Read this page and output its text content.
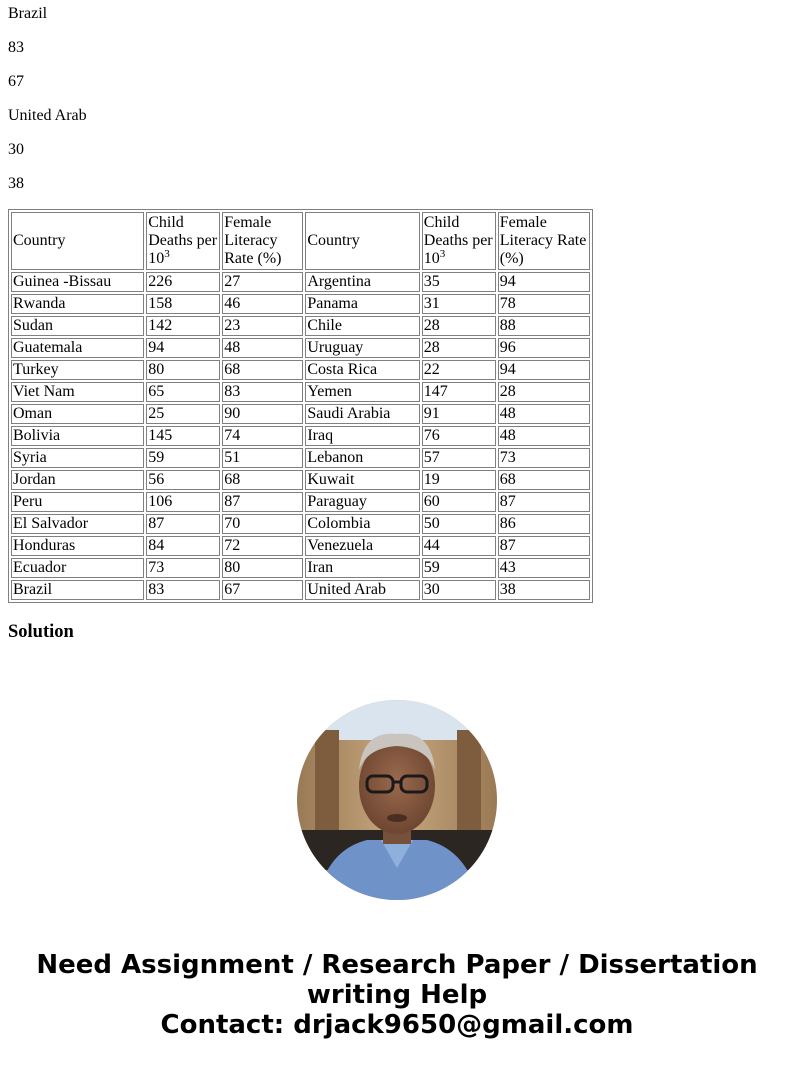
Brazil
83
67
United Arab
30
38
Country	Child Deaths per $10^3$	Female Literacy Rate (%)	Country	Child Deaths per $10^3$	Female Literacy Rate (%)
Guinea -Bissau	226	27	Argentina	35	94
Rwanda	158	46	Panama	31	78
Sudan	142	23	Chile	28	88
Guatemala	94	48	Uruguay	28	96
Turkey	80	68	Costa Rica	22	94
Viet Nam	65	83	Yemen	147	28
Oman	25	90	Saudi Arabia	91	48
Bolivia	145	74	Iraq	76	48
Syria	59	51	Lebanon	57	73
Jordan	56	68	Kuwait	19	68
Peru	106	87	Paraguay	60	87
El Salvador	87	70	Colombia	50	86
Honduras	84	72	Venezuela	44	87
Ecuador	73	80	Iran	59	43
Brazil	83	67	United Arab	30	38
Solution
Need Assignment / Research Paper / Dissertation
writing Help
Contact: drjack9650@gmail.com
